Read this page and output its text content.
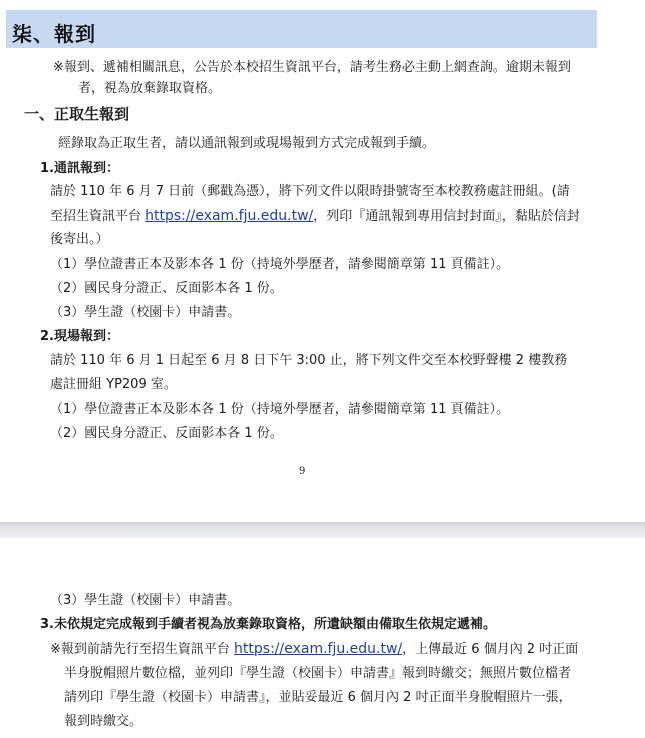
柒、報到
※報到、遞補相關訊息，公告於本校招生資訊平台，請考生務必主動上網查詢。逾期未報到
者，視為放棄錄取資格。
一、正取生報到
經錄取為正取生者，請以通訊報到或現場報到方式完成報到手續。
1.通訊報到：
請於 110 年 6 月 7 日前（郵戳為憑），將下列文件以限時掛號寄至本校教務處註冊組。(請
至招生資訊平台 https://exam.fju.edu.tw/，列印『通訊報到專用信封封面』，黏貼於信封
後寄出。）
（1）學位證書正本及影本各 1 份（持境外學歷者，請參閱簡章第 11 頁備註）。
（2）國民身分證正、反面影本各 1 份。
（3）學生證（校園卡）申請書。
2.現場報到：
請於 110 年 6 月 1 日起至 6 月 8 日下午 3:00 止，將下列文件交至本校野聲樓 2 樓教務
處註冊組 YP209 室。
（1）學位證書正本及影本各 1 份（持境外學歷者，請參閱簡章第 11 頁備註）。
（2）國民身分證正、反面影本各 1 份。
9
（3）學生證（校園卡）申請書。
3.未依規定完成報到手續者視為放棄錄取資格，所遺缺額由備取生依規定遞補。
※報到前請先行至招生資訊平台 https://exam.fju.edu.tw/，上傳最近 6 個月內 2 吋正面
半身脫帽照片數位檔，並列印『學生證（校園卡）申請書』報到時繳交；無照片數位檔者
請列印『學生證（校園卡）申請書』，並貼妥最近 6 個月內 2 吋正面半身脫帽照片一張，
報到時繳交。
